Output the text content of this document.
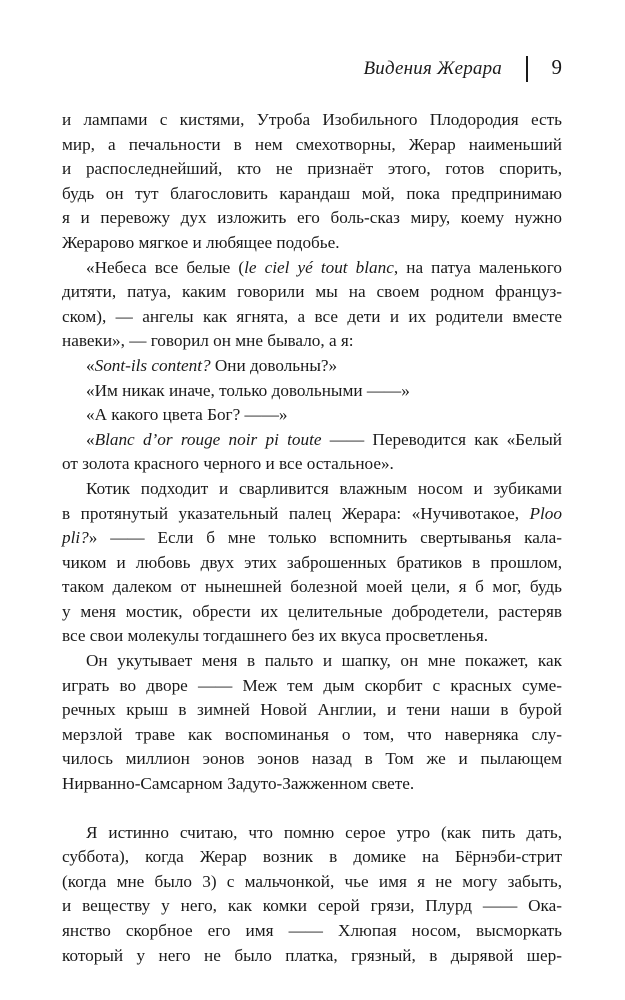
Видения Жерара 9

и лампами с кистями, Утроба Изобильного Плодородия есть
мир, а печальности в нем смехотворны, Жерар наименьший
и распоследнейший, кто не признаёт этого, готов спорить,
будь он тут благословить карандаш мой, пока предпринимаю
я и перевожу дух изложить его боль-сказ миру, коему нужно
Жерарово мягкое и любящее подобье.

«Небеса все белые (le ciel yé tout blanc, на патуа маленького
дитяти, патуа, каким говорили мы на своем родном француз-
ском), — ангелы как ягнята, а все дети и их родители вместе
навеки», — говорил он мне бывало, а я:

«Sont-ils content? Они довольны?»

«Им никак иначе, только довольными ——»

«А какого цвета Бог? ——»

«Blanc d’or rouge noir pi toute —— Переводится как «Белый
от золота красного черного и все остальное».

Котик подходит и сварливится влажным носом и зубиками
в протянутый указательный палец Жерара: «Нучивотакое, Ploo
pli?» —— Если б мне только вспомнить свертыванья кала-
чиком и любовь двух этих заброшенных братиков в прошлом,
таком далеком от нынешней болезной моей цели, я б мог, будь
у меня мостик, обрести их целительные добродетели, растеряв
все свои молекулы тогдашнего без их вкуса просветленья.

Он укутывает меня в пальто и шапку, он мне покажет, как
играть во дворе —— Меж тем дым скорбит с красных суме-
речных крыш в зимней Новой Англии, и тени наши в бурой
мерзлой траве как воспоминанья о том, что наверняка слу-
чилось миллион эонов эонов назад в Том же и пылающем
Нирванно-Самсарном Задуто-Зажженном свете.

Я истинно считаю, что помню серое утро (как пить дать,
суббота), когда Жерар возник в домике на Бёрнэби-стрит
(когда мне было 3) с мальчонкой, чье имя я не могу забыть,
и веществу у него, как комки серой грязи, Плурд —— Ока-
янство скорбное его имя —— Хлюпая носом, высморкать
который у него не было платка, грязный, в дырявой шер-
